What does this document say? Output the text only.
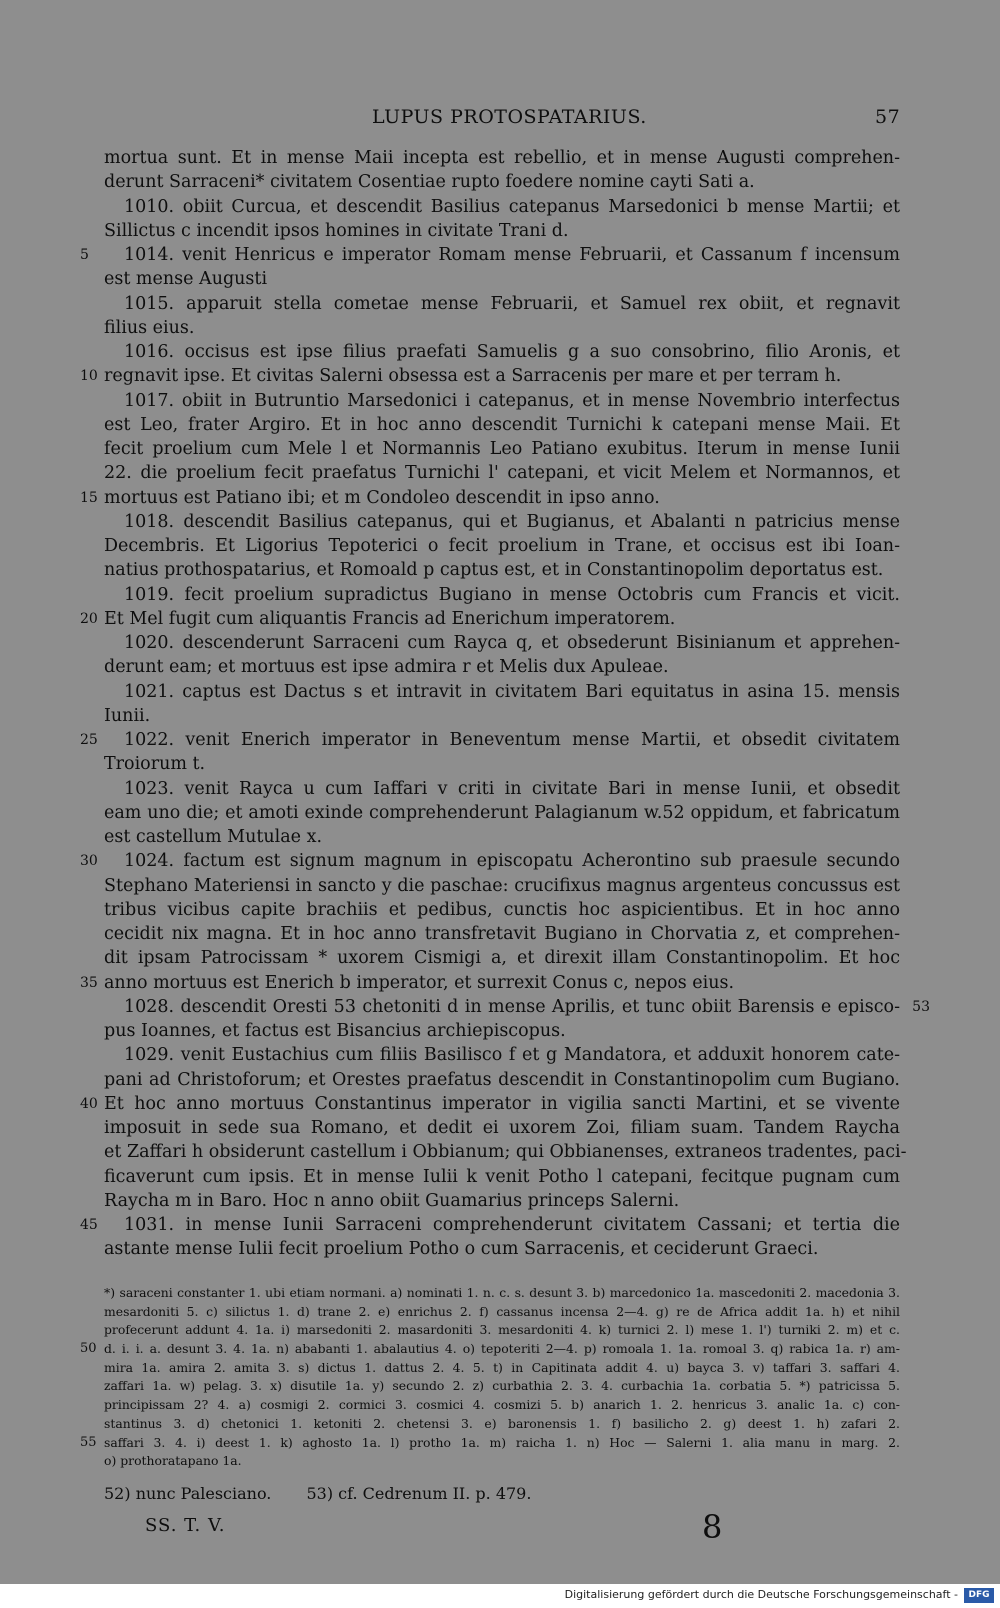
LUPUS PROTOSPATARIUS.	57
mortua sunt. Et in mense Maii incepta est rebellio, et in mense Augusti comprehen-
derunt Sarraceni* civitatem Cosentiae rupto foedere nomine cayti Sati a.
1010. obiit Curcua, et descendit Basilius catepanus Marsedonici b mense Martii; et
Sillictus c incendit ipsos homines in civitate Trani d.
5	1014. venit Henricus e imperator Romam mense Februarii, et Cassanum f incensum
est mense Augusti
1015. apparuit stella cometae mense Februarii, et Samuel rex obiit, et regnavit
filius eius.
1016. occisus est ipse filius praefati Samuelis g a suo consobrino, filio Aronis, et
10 regnavit ipse. Et civitas Salerni obsessa est a Sarracenis per mare et per terram h.
1017. obiit in Butruntio Marsedonici i catepanus, et in mense Novembrio interfectus
est Leo, frater Argiro. Et in hoc anno descendit Turnichi k catepani mense Maii. Et
fecit proelium cum Mele l et Normannis Leo Patiano exubitus. Iterum in mense Iunii
22. die proelium fecit praefatus Turnichi l' catepani, et vicit Melem et Normannos, et
15 mortuus est Patiano ibi; et m Condoleo descendit in ipso anno.
1018. descendit Basilius catepanus, qui et Bugianus, et Abalanti n patricius mense
Decembris. Et Ligorius Tepoterici o fecit proelium in Trane, et occisus est ibi Ioan-
natius prothospatarius, et Romoald p captus est, et in Constantinopolim deportatus est.
1019. fecit proelium supradictus Bugiano in mense Octobris cum Francis et vicit.
20 Et Mel fugit cum aliquantis Francis ad Enerichum imperatorem.
1020. descenderunt Sarraceni cum Rayca q, et obsederunt Bisinianum et apprehen-
derunt eam; et mortuus est ipse admira r et Melis dux Apuleae.
1021. captus est Dactus s et intravit in civitatem Bari equitatus in asina 15. mensis
Iunii.
25	1022. venit Enerich imperator in Beneventum mense Martii, et obsedit civitatem
Troiorum t.
1023. venit Rayca u cum Iaffari v criti in civitate Bari in mense Iunii, et obsedit
eam uno die; et amoti exinde comprehenderunt Palagianum w.52 oppidum, et fabricatum
est castellum Mutulae x.
30	1024. factum est signum magnum in episcopatu Acherontino sub praesule secundo
Stephano Materiensi in sancto y die paschae: crucifixus magnus argenteus concussus est
tribus vicibus capite brachiis et pedibus, cunctis hoc aspicientibus. Et in hoc anno
cecidit nix magna. Et in hoc anno transfretavit Bugiano in Chorvatia z, et comprehen-
dit ipsam Patrocissam * uxorem Cismigi a, et direxit illam Constantinopolim. Et hoc
35 anno mortuus est Enerich b imperator, et surrexit Conus c, nepos eius.
1028. descendit Oresti 53 chetoniti d in mense Aprilis, et tunc obiit Barensis e episco- 53
pus Ioannes, et factus est Bisancius archiepiscopus.
1029. venit Eustachius cum filiis Basilisco f et g Mandatora, et adduxit honorem cate-
pani ad Christoforum; et Orestes praefatus descendit in Constantinopolim cum Bugiano.
40 Et hoc anno mortuus Constantinus imperator in vigilia sancti Martini, et se vivente
imposuit in sede sua Romano, et dedit ei uxorem Zoi, filiam suam. Tandem Raycha
et Zaffari h obsiderunt castellum i Obbianum; qui Obbianenses, extraneos tradentes, paci-
ficaverunt cum ipsis. Et in mense Iulii k venit Potho l catepani, fecitque pugnam cum
Raycha m in Baro. Hoc n anno obiit Guamarius princeps Salerni.
45	1031. in mense Iunii Sarraceni comprehenderunt civitatem Cassani; et tertia die
astante mense Iulii fecit proelium Potho o cum Sarracenis, et ceciderunt Graeci.
*) saraceni constanter 1. ubi etiam normani. a) nominati 1. n. c. s. desunt 3. b) marcedonico 1a. mascedoniti 2. macedonia 3.
mesardoniti 5. c) silictus 1. d) trane 2. e) enrichus 2. f) cassanus incensa 2—4. g) re de Africa addit 1a. h) et nihil
profecerunt addunt 4. 1a. i) marsedoniti 2. masardoniti 3. mesardoniti 4. k) turnici 2. l) mese 1. l') turniki 2. m) et c.
50 d. i. i. a. desunt 3. 4. 1a. n) ababanti 1. abalautius 4. o) tepoteriti 2—4. p) romoala 1. 1a. romoal 3. q) rabica 1a. r) am-
mira 1a. amira 2. amita 3. s) dictus 1. dattus 2. 4. 5. t) in Capitinata addit 4. u) bayca 3. v) taffari 3. saffari 4.
zaffari 1a. w) pelag. 3. x) disutile 1a. y) secundo 2. z) curbathia 2. 3. 4. curbachia 1a. corbatia 5. *) patricissa 5.
principissam 2? 4. a) cosmigi 2. cormici 3. cosmici 4. cosmizi 5. b) anarich 1. 2. henricus 3. analic 1a. c) con-
stantinus 3. d) chetonici 1. ketoniti 2. chetensi 3. e) baronensis 1. f) basilicho 2. g) deest 1. h) zafari 2.
55 saffari 3. 4. i) deest 1. k) aghosto 1a. l) protho 1a. m) raicha 1. n) Hoc — Salerni 1. alia manu in marg. 2.
o) prothoratapano 1a.
52) nunc Palesciano. 53) cf. Cedrenum II. p. 479.
SS. T. V.	8
Digitalisierung gefördert durch die Deutsche Forschungsgemeinschaft -	DFG
